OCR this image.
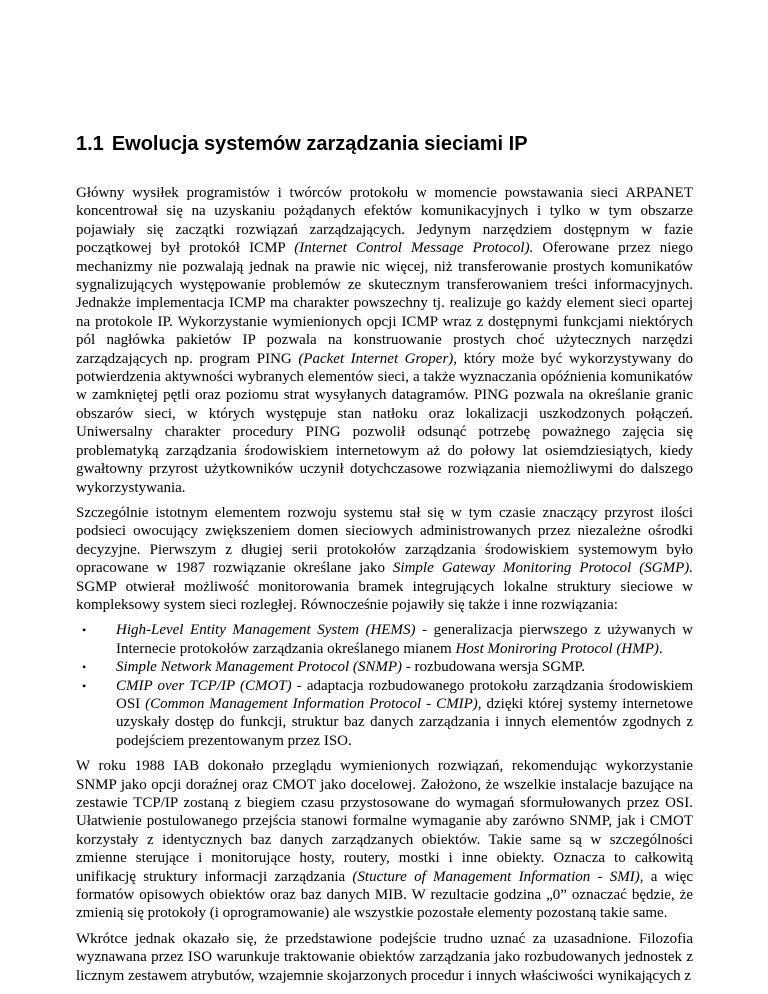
1.1 Ewolucja systemów zarządzania sieciami IP

Główny wysiłek programistów i twórców protokołu w momencie powstawania sieci ARPANET koncentrował się na uzyskaniu pożądanych efektów komunikacyjnych i tylko w tym obszarze pojawiały się zaczątki rozwiązań zarządzających. Jedynym narzędziem dostępnym w fazie początkowej był protokół ICMP (Internet Control Message Protocol). Oferowane przez niego mechanizmy nie pozwalają jednak na prawie nic więcej, niż transferowanie prostych komunikatów sygnalizujących występowanie problemów ze skutecznym transferowaniem treści informacyjnych. Jednakże implementacja ICMP ma charakter powszechny tj. realizuje go każdy element sieci opartej na protokole IP. Wykorzystanie wymienionych opcji ICMP wraz z dostępnymi funkcjami niektórych pól nagłówka pakietów IP pozwala na konstruowanie prostych choć użytecznych narzędzi zarządzających np. program PING (Packet Internet Groper), który może być wykorzystywany do potwierdzenia aktywności wybranych elementów sieci, a także wyznaczania opóźnienia komunikatów w zamkniętej pętli oraz poziomu strat wysyłanych datagramów. PING pozwala na określanie granic obszarów sieci, w których występuje stan natłoku oraz lokalizacji uszkodzonych połączeń. Uniwersalny charakter procedury PING pozwolił odsunąć potrzebę poważnego zajęcia się problematyką zarządzania środowiskiem internetowym aż do połowy lat osiemdziesiątych, kiedy gwałtowny przyrost użytkowników uczynił dotychczasowe rozwiązania niemożliwymi do dalszego wykorzystywania.

Szczególnie istotnym elementem rozwoju systemu stał się w tym czasie znaczący przyrost ilości podsieci owocujący zwiększeniem domen sieciowych administrowanych przez niezależne ośrodki decyzyjne. Pierwszym z długiej serii protokołów zarządzania środowiskiem systemowym było opracowane w 1987 rozwiązanie określane jako Simple Gateway Monitoring Protocol (SGMP). SGMP otwierał możliwość monitorowania bramek integrujących lokalne struktury sieciowe w kompleksowy system sieci rozległej. Równocześnie pojawiły się także i inne rozwiązania:

•	High-Level Entity Management System (HEMS) - generalizacja pierwszego z używanych w Internecie protokołów zarządzania określanego mianem Host Moniroring Protocol (HMP).
•	Simple Network Management Protocol (SNMP) - rozbudowana wersja SGMP.
•	CMIP over TCP/IP (CMOT) - adaptacja rozbudowanego protokołu zarządzania środowiskiem OSI (Common Management Information Protocol - CMIP), dzięki której systemy internetowe uzyskały dostęp do funkcji, struktur baz danych zarządzania i innych elementów zgodnych z podejściem prezentowanym przez ISO.

W roku 1988 IAB dokonało przeglądu wymienionych rozwiązań, rekomendując wykorzystanie SNMP jako opcji doraźnej oraz CMOT jako docelowej. Założono, że wszelkie instalacje bazujące na zestawie TCP/IP zostaną z biegiem czasu przystosowane do wymagań sformułowanych przez OSI. Ułatwienie postulowanego przejścia stanowi formalne wymaganie aby zarówno SNMP, jak i CMOT korzystały z identycznych baz danych zarządzanych obiektów. Takie same są w szczególności zmienne sterujące i monitorujące hosty, routery, mostki i inne obiekty. Oznacza to całkowitą unifikację struktury informacji zarządzania (Stucture of Management Information - SMI), a więc formatów opisowych obiektów oraz baz danych MIB. W rezultacie godzina „0” oznaczać będzie, że zmienią się protokoły (i oprogramowanie) ale wszystkie pozostałe elementy pozostaną takie same.

Wkrótce jednak okazało się, że przedstawione podejście trudno uznać za uzasadnione. Filozofia wyznawana przez ISO warunkuje traktowanie obiektów zarządzania jako rozbudowanych jednostek z licznym zestawem atrybutów, wzajemnie skojarzonych procedur i innych właściwości wynikających z
